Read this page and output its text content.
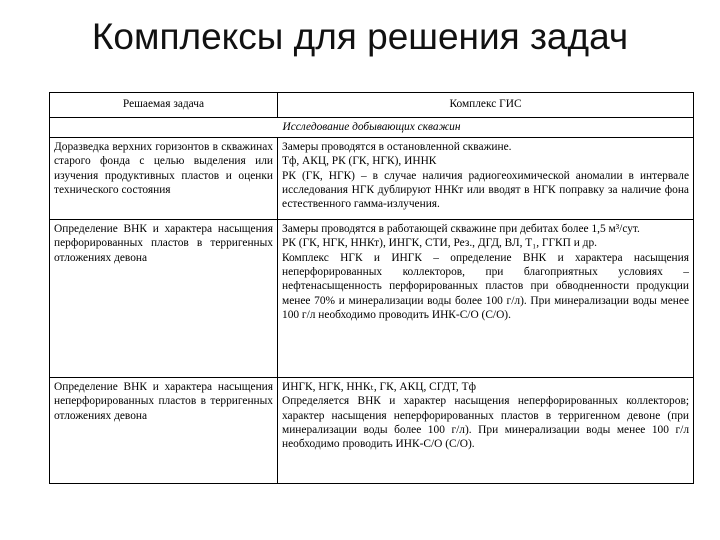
Комплексы для решения задач
Решаемая задача	Комплекс ГИС
Исследование добывающих скважин	
Доразведка верхних горизонтов в скважинах старого фонда с целью выделения или изучения продуктивных пластов и оценки технического состояния	Замеры проводятся в остановленной скважине.
Тф, АКЦ, РК (ГК, НГК), ИННК
РК (ГК, НГК) – в случае наличия радиогеохимической аномалии в интервале исследования НГК дублируют ННКт или вводят в НГК поправку за наличие фона естественного гамма-излучения.

Определение ВНК и характера насыщения перфорированных пластов в терригенных отложениях девона	Замеры проводятся в работающей скважине при дебитах более 1,5 м³/сут.
РК (ГК, НГК, ННКт), ИНГК, СТИ, Рез., ДГД, ВЛ, Т₁, ГГКП и др.
Комплекс НГК и ИНГК – определение ВНК и характера насыщения неперфорированных коллекторов, при благоприятных условиях – нефтенасыщенность перфорированных пластов при обводненности продукции менее 70% и минерализации воды более 100 г/л). При минерализации воды менее 100 г/л необходимо проводить ИНК-С/О (С/О).

Определение ВНК и характера насыщения неперфорированных пластов в терригенных отложениях девона	ИНГК, НГК, ННКₜ, ГК, АКЦ, СГДТ, Тф
Определяется ВНК и характер насыщения неперфорированных коллекторов; характер насыщения неперфорированных пластов в терригенном девоне (при минерализации воды более 100 г/л). При минерализации воды менее 100 г/л необходимо проводить ИНК-С/О (С/О).
